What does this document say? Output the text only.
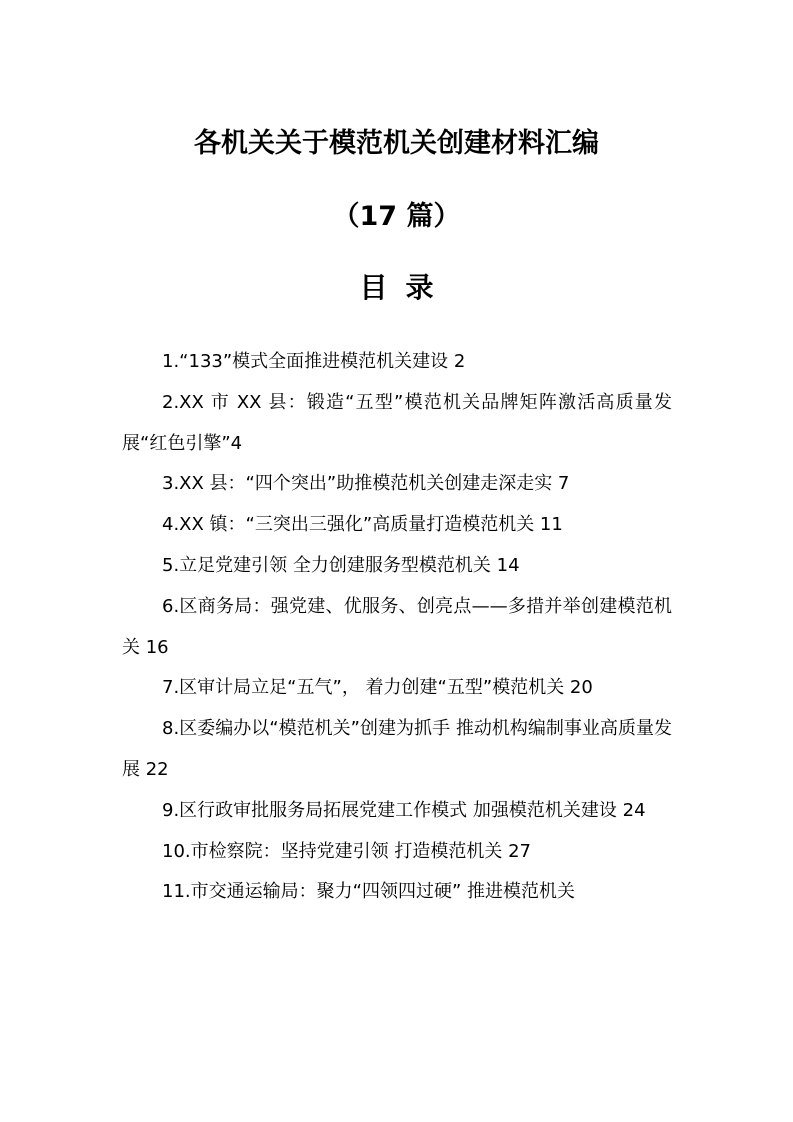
各机关关于模范机关创建材料汇编
（17 篇）
目录
1.“133”模式全面推进模范机关建设 2
2.XX 市 XX 县：锻造“五型”模范机关品牌矩阵激活高质量发展“红色引擎”4
3.XX 县：“四个突出”助推模范机关创建走深走实 7
4.XX 镇：“三突出三强化”高质量打造模范机关 11
5.立足党建引领 全力创建服务型模范机关 14
6.区商务局：强党建、优服务、创亮点——多措并举创建模范机关 16
7.区审计局立足“五气”， 着力创建“五型”模范机关 20
8.区委编办以“模范机关”创建为抓手 推动机构编制事业高质量发展 22
9.区行政审批服务局拓展党建工作模式 加强模范机关建设 24
10.市检察院：坚持党建引领 打造模范机关 27
11.市交通运输局：聚力“四领四过硬” 推进模范机关
